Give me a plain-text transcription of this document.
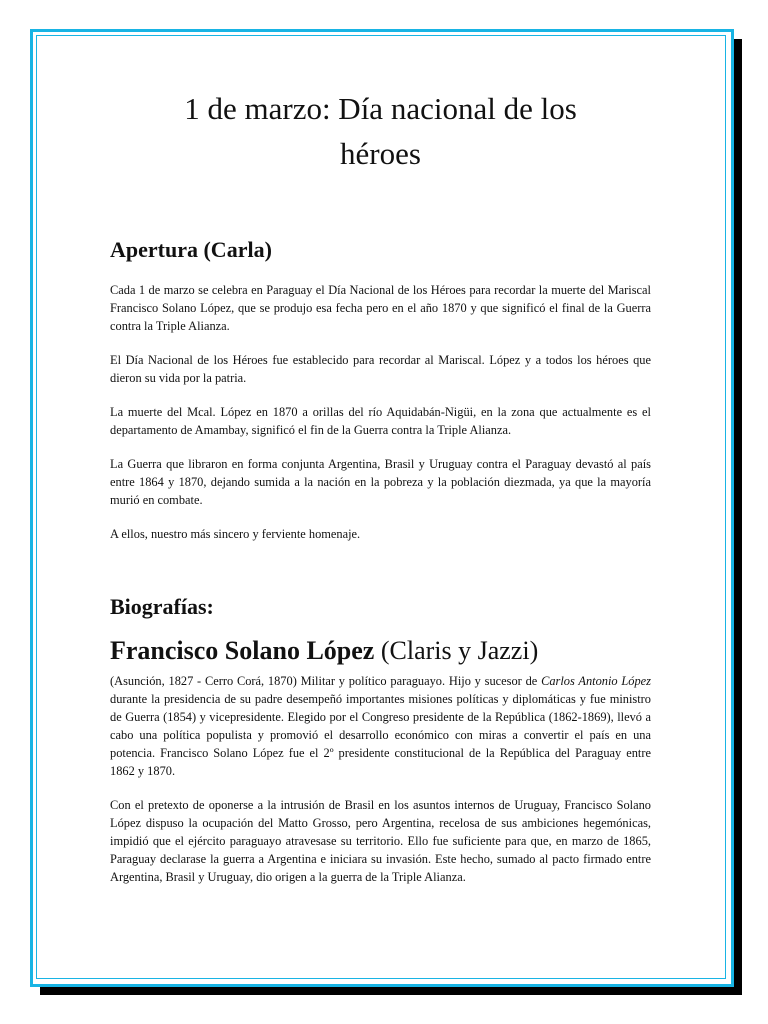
1 de marzo: Día nacional de los
héroes
Apertura (Carla)

Cada 1 de marzo se celebra en Paraguay el Día Nacional de los Héroes para recordar la muerte del Mariscal Francisco Solano López, que se produjo esa fecha pero en el año 1870 y que significó el final de la Guerra contra la Triple Alianza.

El Día Nacional de los Héroes fue establecido para recordar al Mariscal. López y a todos los héroes que dieron su vida por la patria.

La muerte del Mcal. López en 1870 a orillas del río Aquidabán-Nigüi, en la zona que actualmente es el departamento de Amambay, significó el fin de la Guerra contra la Triple Alianza.

La Guerra que libraron en forma conjunta Argentina, Brasil y Uruguay contra el Paraguay devastó al país entre 1864 y 1870, dejando sumida a la nación en la pobreza y la población diezmada, ya que la mayoría murió en combate.

A ellos, nuestro más sincero y ferviente homenaje.

Biografías:
Francisco Solano López (Claris y Jazzi)

(Asunción, 1827 - Cerro Corá, 1870) Militar y político paraguayo. Hijo y sucesor de Carlos Antonio López durante la presidencia de su padre desempeñó importantes misiones políticas y diplomáticas y fue ministro de Guerra (1854) y vicepresidente. Elegido por el Congreso presidente de la República (1862-1869), llevó a cabo una política populista y promovió el desarrollo económico con miras a convertir el país en una potencia. Francisco Solano López fue el 2º presidente constitucional de la República del Paraguay entre 1862 y 1870.

Con el pretexto de oponerse a la intrusión de Brasil en los asuntos internos de Uruguay, Francisco Solano López dispuso la ocupación del Matto Grosso, pero Argentina, recelosa de sus ambiciones hegemónicas, impidió que el ejército paraguayo atravesase su territorio. Ello fue suficiente para que, en marzo de 1865, Paraguay declarase la guerra a Argentina e iniciara su invasión. Este hecho, sumado al pacto firmado entre Argentina, Brasil y Uruguay, dio origen a la guerra de la Triple Alianza.
